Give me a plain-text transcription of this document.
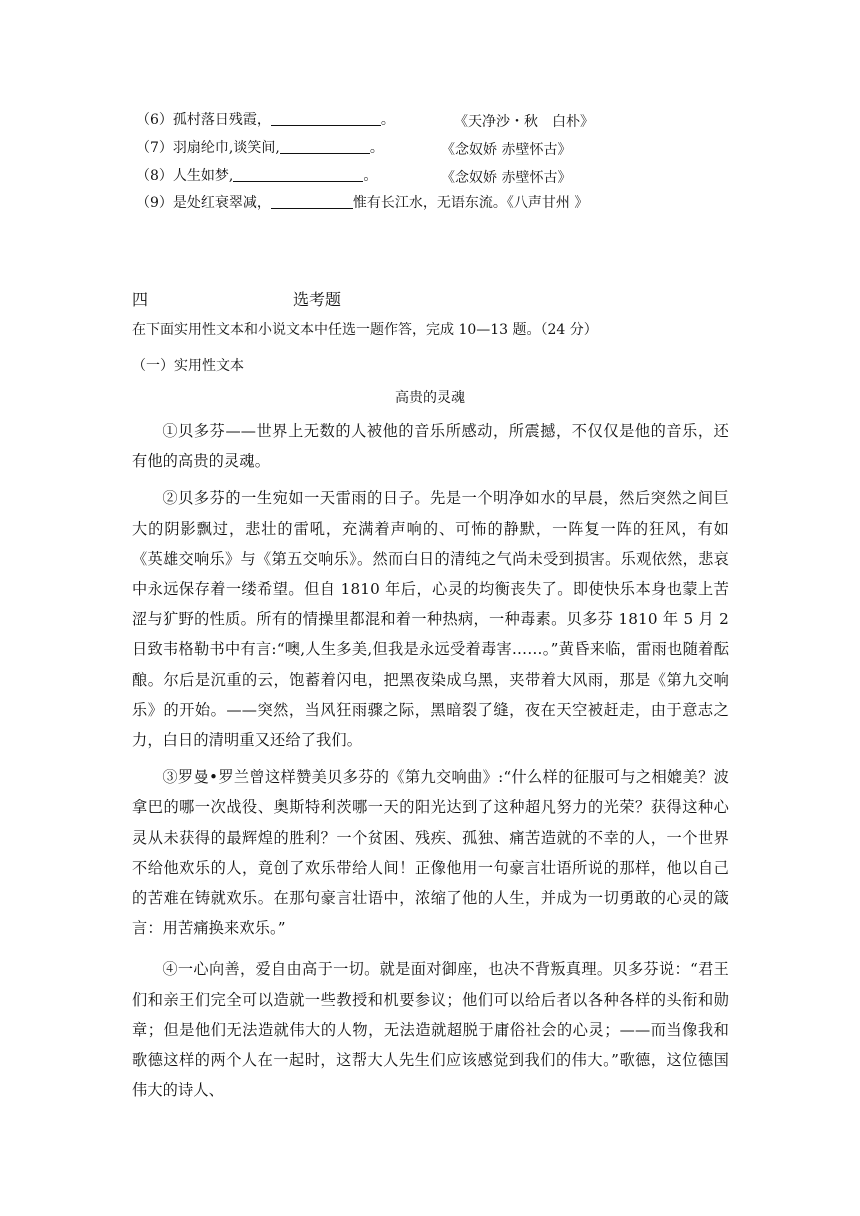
（6）孤村落日残霞，	。	《天净沙・秋　白朴》
（7）羽扇纶巾,谈笑间,	。	《念奴娇 赤壁怀古》
（8）人生如梦,	。	《念奴娇 赤壁怀古》
（9）是处红衰翠减，	惟有长江水，无语东流。《八声甘州 》
四	选考题
在下面实用性文本和小说文本中任选一题作答，完成 10—13 题。（24 分）
（一）实用性文本
高贵的灵魂

①贝多芬——世界上无数的人被他的音乐所感动，所震撼，不仅仅是他的音乐，还有他的高贵的灵魂。

②贝多芬的一生宛如一天雷雨的日子。先是一个明净如水的早晨，然后突然之间巨大的阴影飘过，悲壮的雷吼，充满着声响的、可怖的静默，一阵复一阵的狂风，有如《英雄交响乐》与《第五交响乐》。然而白日的清纯之气尚未受到损害。乐观依然，悲哀中永远保存着一缕希望。但自 1810 年后，心灵的均衡丧失了。即使快乐本身也蒙上苦涩与犷野的性质。所有的情操里都混和着一种热病，一种毒素。贝多芬 1810 年 5 月 2 日致韦格勒书中有言:“噢,人生多美,但我是永远受着毒害……。”黄昏来临，雷雨也随着酝酿。尔后是沉重的云，饱蓄着闪电，把黑夜染成乌黑，夹带着大风雨，那是《第九交响乐》的开始。——突然，当风狂雨骤之际，黑暗裂了缝，夜在天空被赶走，由于意志之力，白日的清明重又还给了我们。

③罗曼•罗兰曾这样赞美贝多芬的《第九交响曲》:“什么样的征服可与之相媲美？波拿巴的哪一次战役、奥斯特利茨哪一天的阳光达到了这种超凡努力的光荣？获得这种心灵从未获得的最辉煌的胜利？一个贫困、残疾、孤独、痛苦造就的不幸的人，一个世界不给他欢乐的人，竟创了欢乐带给人间！正像他用一句豪言壮语所说的那样，他以自己的苦难在铸就欢乐。在那句豪言壮语中，浓缩了他的人生，并成为一切勇敢的心灵的箴言：用苦痛换来欢乐。”

④一心向善，爱自由高于一切。就是面对御座，也决不背叛真理。贝多芬说：“君王们和亲王们完全可以造就一些教授和机要参议；他们可以给后者以各种各样的头衔和勋章；但是他们无法造就伟大的人物，无法造就超脱于庸俗社会的心灵；——而当像我和歌德这样的两个人在一起时，这帮大人先生们应该感觉到我们的伟大。”歌德，这位德国伟大的诗人、
